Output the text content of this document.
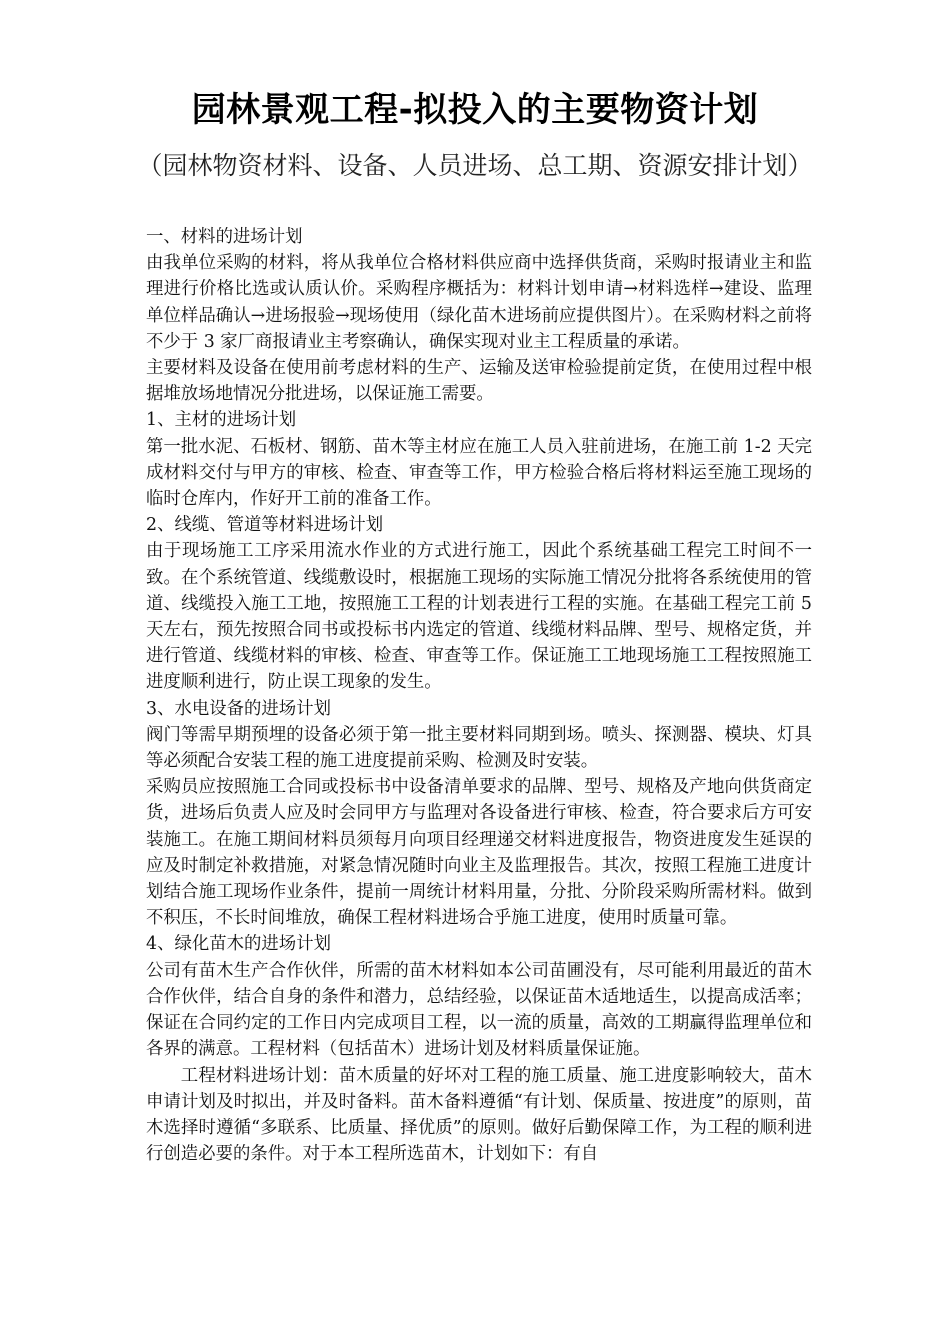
园林景观工程-拟投入的主要物资计划
（园林物资材料、设备、人员进场、总工期、资源安排计划）

一、材料的进场计划

由我单位采购的材料，将从我单位合格材料供应商中选择供货商，采购时报请业主和监理进行价格比选或认质认价。采购程序概括为：材料计划申请→材料选样→建设、监理单位样品确认→进场报验→现场使用（绿化苗木进场前应提供图片）。在采购材料之前将不少于 3 家厂商报请业主考察确认，确保实现对业主工程质量的承诺。

主要材料及设备在使用前考虑材料的生产、运输及送审检验提前定货，在使用过程中根据堆放场地情况分批进场，以保证施工需要。

1、主材的进场计划

第一批水泥、石板材、钢筋、苗木等主材应在施工人员入驻前进场，在施工前 1-2 天完成材料交付与甲方的审核、检查、审查等工作，甲方检验合格后将材料运至施工现场的临时仓库内，作好开工前的准备工作。

2、线缆、管道等材料进场计划

由于现场施工工序采用流水作业的方式进行施工，因此个系统基础工程完工时间不一致。在个系统管道、线缆敷设时，根据施工现场的实际施工情况分批将各系统使用的管道、线缆投入施工工地，按照施工工程的计划表进行工程的实施。在基础工程完工前 5 天左右，预先按照合同书或投标书内选定的管道、线缆材料品牌、型号、规格定货，并进行管道、线缆材料的审核、检查、审查等工作。保证施工工地现场施工工程按照施工进度顺利进行，防止误工现象的发生。

3、水电设备的进场计划

阀门等需早期预埋的设备必须于第一批主要材料同期到场。喷头、探测器、模块、灯具等必须配合安装工程的施工进度提前采购、检测及时安装。

采购员应按照施工合同或投标书中设备清单要求的品牌、型号、规格及产地向供货商定货，进场后负责人应及时会同甲方与监理对各设备进行审核、检查，符合要求后方可安装施工。在施工期间材料员须每月向项目经理递交材料进度报告，物资进度发生延误的应及时制定补救措施，对紧急情况随时向业主及监理报告。其次，按照工程施工进度计划结合施工现场作业条件，提前一周统计材料用量，分批、分阶段采购所需材料。做到不积压，不长时间堆放，确保工程材料进场合乎施工进度，使用时质量可靠。

4、绿化苗木的进场计划

公司有苗木生产合作伙伴，所需的苗木材料如本公司苗圃没有，尽可能利用最近的苗木合作伙伴，结合自身的条件和潜力，总结经验，以保证苗木适地适生，以提高成活率；保证在合同约定的工作日内完成项目工程，以一流的质量，高效的工期赢得监理单位和各界的满意。工程材料（包括苗木）进场计划及材料质量保证施。

工程材料进场计划：苗木质量的好坏对工程的施工质量、施工进度影响较大，苗木申请计划及时拟出，并及时备料。苗木备料遵循“有计划、保质量、按进度”的原则，苗木选择时遵循“多联系、比质量、择优质”的原则。做好后勤保障工作，为工程的顺利进行创造必要的条件。对于本工程所选苗木，计划如下：有自
